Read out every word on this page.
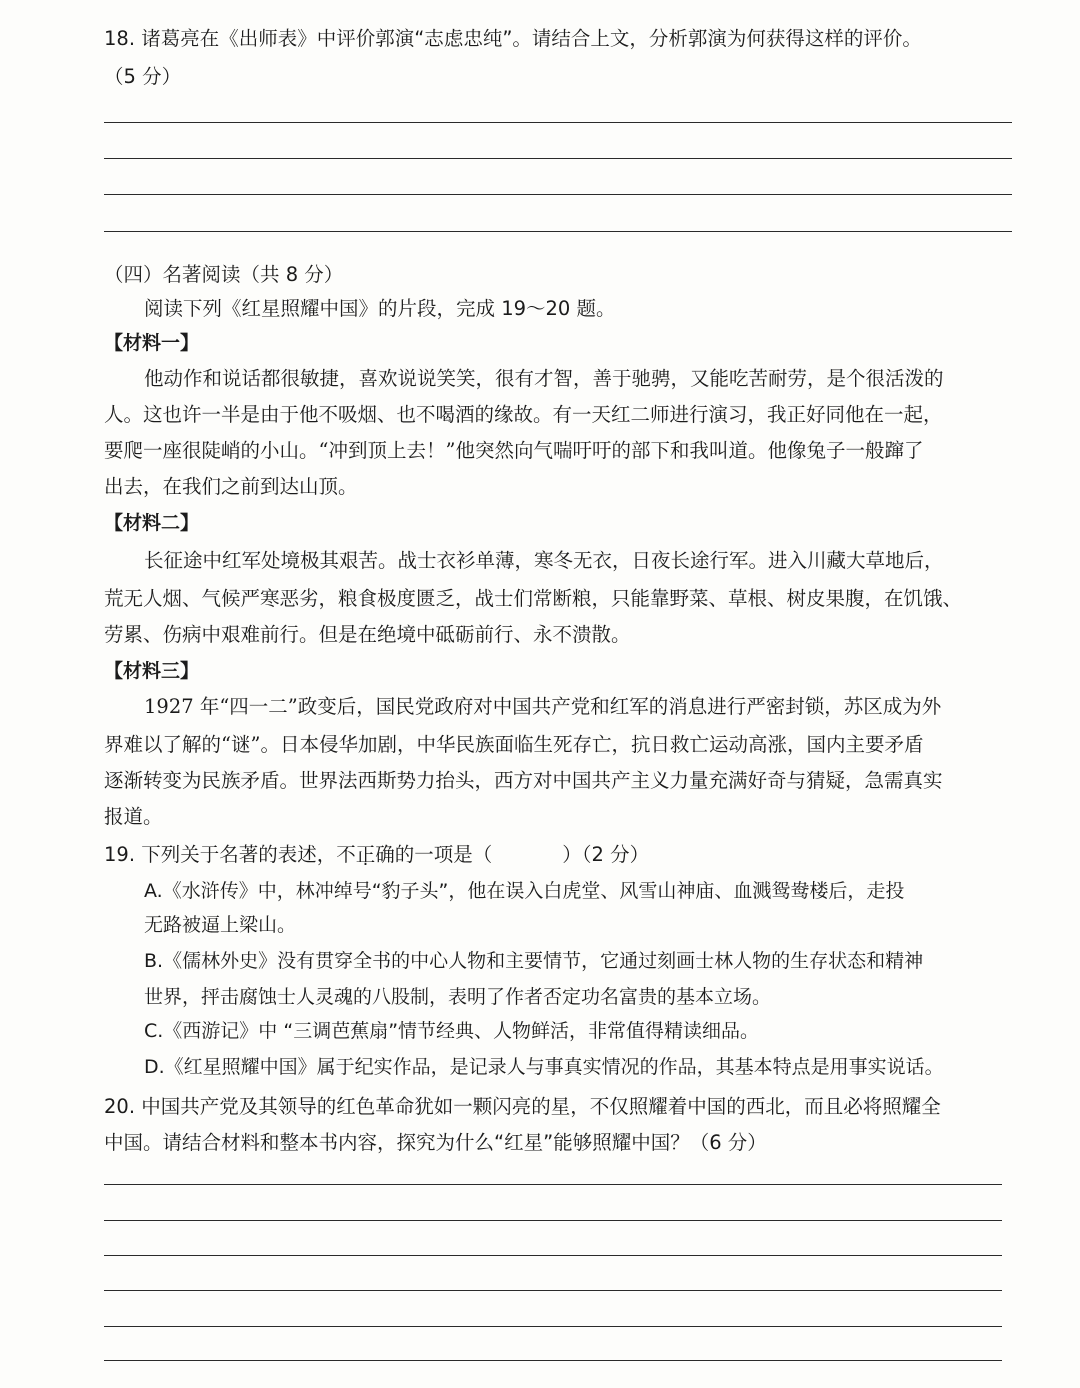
18. 诸葛亮在《出师表》中评价郭演“志虑忠纯”。请结合上文，分析郭演为何获得这样的评价。
（5 分）
（四）名著阅读（共 8 分）
阅读下列《红星照耀中国》的片段，完成 19～20 题。
【材料一】
他动作和说话都很敏捷，喜欢说说笑笑，很有才智，善于驰骋，又能吃苦耐劳，是个很活泼的
人。这也许一半是由于他不吸烟、也不喝酒的缘故。有一天红二师进行演习，我正好同他在一起，
要爬一座很陡峭的小山。“冲到顶上去！”他突然向气喘吁吁的部下和我叫道。他像兔子一般蹿了
出去，在我们之前到达山顶。
【材料二】
长征途中红军处境极其艰苦。战士衣衫单薄，寒冬无衣，日夜长途行军。进入川藏大草地后，
荒无人烟、气候严寒恶劣，粮食极度匮乏，战士们常断粮，只能靠野菜、草根、树皮果腹，在饥饿、
劳累、伤病中艰难前行。但是在绝境中砥砺前行、永不溃散。
【材料三】
1927 年“四一二”政变后，国民党政府对中国共产党和红军的消息进行严密封锁，苏区成为外
界难以了解的“谜”。日本侵华加剧，中华民族面临生死存亡，抗日救亡运动高涨，国内主要矛盾
逐渐转变为民族矛盾。世界法西斯势力抬头，西方对中国共产主义力量充满好奇与猜疑，急需真实
报道。
19. 下列关于名著的表述，不正确的一项是（	）（2 分）
A.《水浒传》中，林冲绰号“豹子头”，他在误入白虎堂、风雪山神庙、血溅鸳鸯楼后，走投
无路被逼上梁山。
B.《儒林外史》没有贯穿全书的中心人物和主要情节，它通过刻画士林人物的生存状态和精神
世界，抨击腐蚀士人灵魂的八股制，表明了作者否定功名富贵的基本立场。
C.《西游记》中 “三调芭蕉扇”情节经典、人物鲜活，非常值得精读细品。
D.《红星照耀中国》属于纪实作品，是记录人与事真实情况的作品，其基本特点是用事实说话。
20. 中国共产党及其领导的红色革命犹如一颗闪亮的星，不仅照耀着中国的西北，而且必将照耀全
中国。请结合材料和整本书内容，探究为什么“红星”能够照耀中国？（6 分）
